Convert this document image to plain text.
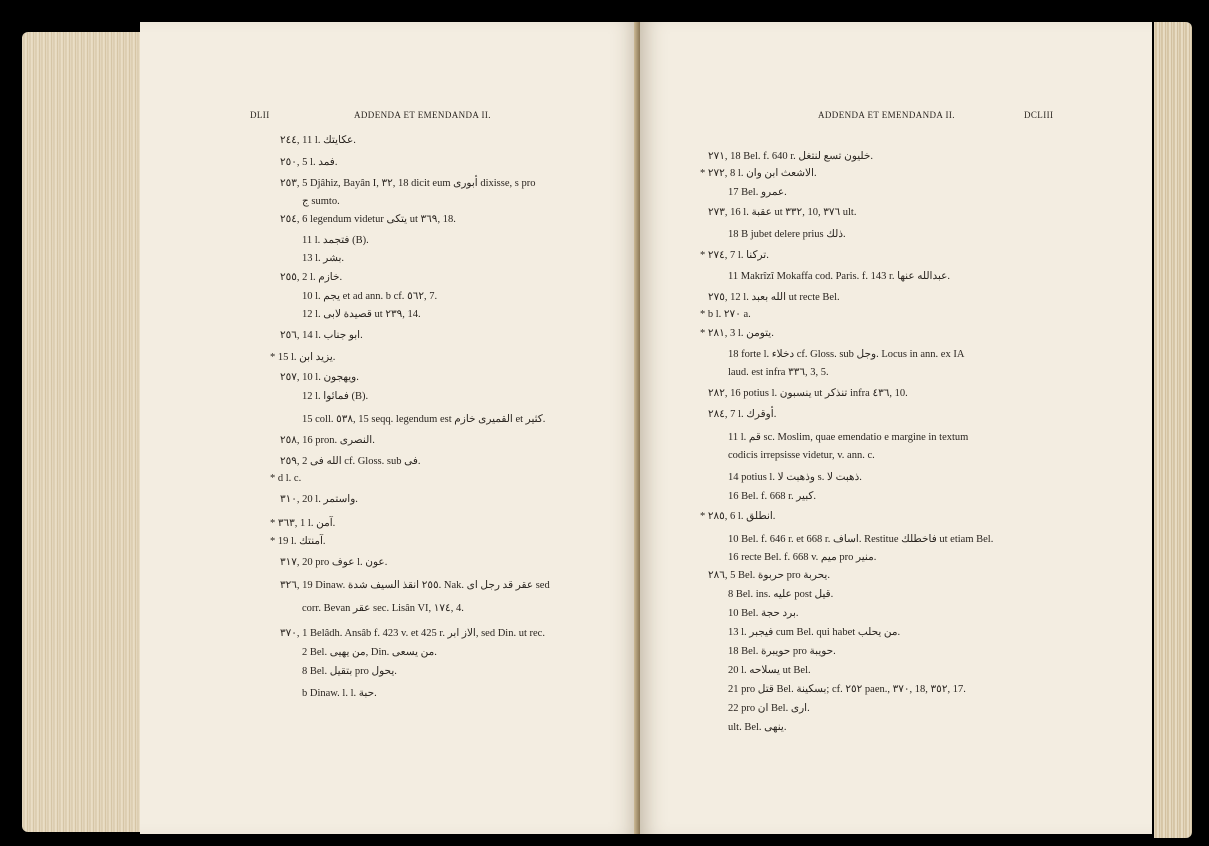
DLII	ADDENDA ET EMENDANDA II.
٢٤٤, 11 l. ﻋﻜﺎﻳﺘﻚ.
٢٥٠, 5 l. ﻓﻤﺪ.
٢٥٣, 5 Djâhiz, Bayân I, ٣٢, 18 dicit eum ﺃﺑﻮﺭﻯ dixisse, s pro
ﺝ sumto.
٢٥٤, 6 legendum videtur ﻳﺘﻜﻰ ut ٣٦٩, 18.
11 l. ﻓﺘﺠﻤﺪ (B).
13 l. ﺑﺸﺮ.
٢٥٥, 2 l. ﺧﺎﺯﻡ.
10 l. ﻳﺠﻢ et ad ann. b cf. ٥٦٢, 7.
12 l. ﻗﺼﻴﺪﺓ ﻻﺑﻰ ut ٢٣٩, 14.
٢٥٦, 14 l. ﺍﺑﻮ ﺟﻨﺎﺏ.
* 15 l. ﻳﺰﻳﺪ ﺍﺑﻦ.
٢٥٧, 10 l. ﻭﻳﻬﺠﻮﻥ.
12 l. ﻓﻤﺎﺋﻮﺍ (B).
15 coll. ٥٣٨, 15 seqq. legendum est ﺍﻟﻘﻤﻴﺮﻯ ﺧﺎﺯﻡ et ﻛﺜﻴﺮ.
٢٥٨, 16 pron. ﺍﻟﻨﺼﺮﻯ.
٢٥٩, 2 ﺍﻟﻠﻪ ﻓﻰ cf. Gloss. sub ﻓﻰ.
* d l. c.
٣١٠, 20 l. ﻭﺍﺳﺘﻤﺮ.
* ٣٦٣, 1 l. ﺁﻣﻦ.
* 19 l. ﺁﻣﻨﺘﻚ.
٣١٧, 20 pro ﻋﻮﻑ l. ﻋﻮﻥ.
٣٢٦, 19 Dinaw. ٢٥٥ ﺍﻧﻘﺬ ﺍﻟﺴﻴﻒ ﺷﺪﺓ. Nak. ﻋﻘﺮ ﻗﺪ ﺭﺟﻞ ﺍﻯ sed
corr. Bevan ﻋﻘﺮ sec. Lisân VI, ١٧٤, 4.
٣٧٠, 1 Belâdh. Ansâb f. 423 v. et 425 r. ﺍﻻﺯ ﺍﺑﺮ, sed Din. ut rec.
2 Bel. ﻣﻦ ﻳﻬﻴﻰ, Din. ﻣﻦ ﻳﺴﻌﻰ.
8 Bel. ﺑﺘﻘﻴﻞ pro ﻳﺤﻮﻝ.
b Dinaw. l. l. ﺣﺒﺔ.
ADDENDA ET EMENDANDA II.	DCLIII
٢٧١, 18 Bel. f. 640 r. ﺧﻠﻴﻮﻥ ﺗﺴﻊ ﻟﻨﺘﻐﻞ.
* ٢٧٢, 8 l. ﺍﻻﺷﻌﺚ ﺍﺑﻦ ﻭﺍﻥ.
17 Bel. ﻋﻤﺮﻭ.
٢٧٣, 16 l. ﻋﻘﺒﺔ ut ٣٣٢, 10, ٣٧٦ ult.
18 B jubet delere prius ﺫﻟﻚ.
* ٢٧٤, 7 l. ﺗﺮﻛﻨﺎ.
11 Makrîzî Mokaffa cod. Paris. f. 143 r. ﻋﺒﺪﺍﻟﻠﻪ ﻋﻨﻬﺎ.
٢٧٥, 12 l. ﺍﻟﻠﻪ ﺑﻌﺒﺪ ut recte Bel.
* b l. ٢٧٠ a.
* ٢٨١, 3 l. ﻳﺘﻮﻣﻦ.
18 forte l. ﺩﺧﻼﺀ cf. Gloss. sub ﻭﺟﻞ. Locus in ann. ex IA
laud. est infra ٣٣٦, 3, 5.
٢٨٢, 16 potius l. ﻳﻨﺴﺒﻮﻥ ut ﺗﻨﺬﻛﺮ infra ٤٣٦, 10.
٢٨٤, 7 l. ﺃﻭﻗﺮﻙ.
11 l. ﻗﻢ sc. Moslim, quae emendatio e margine in textum
codicis irrepsisse videtur, v. ann. c.
14 potius l. ﻭﺫﻫﺒﺖ ﻻ s. ﺫﻫﺒﺖ ﻻ.
16 Bel. f. 668 r. ﻛﺒﻴﺮ.
* ٢٨٥, 6 l. ﺍﻧﻄﻠﻖ.
10 Bel. f. 646 r. et 668 r. ﺍﺳﺎﻑ. Restitue ﻓﺎﺧﻄﻠﻚ ut etiam Bel.
16 recte Bel. f. 668 v. ﻣﻴﻢ pro ﻣﻨﻴﺮ.
٢٨٦, 5 Bel. ﺣﺮﺑﻮﺓ pro ﻳﺤﺮﺑﺔ.
8 Bel. ins. ﻋﻠﻴﻪ post ﻗﻴﻞ.
10 Bel. ﺑﺮﺩ ﺣﺠﺔ.
13 l. ﻓﻴﺠﺒﺮ cum Bel. qui habet ﻣﻦ ﻳﺤﻠﺐ.
18 Bel. ﺣﻮﻳﺒﺮﺓ pro ﺣﻮﻳﺒﺔ.
20 l. ﻳﺴﻼﺣﻪ ut Bel.
21 pro ﻗﺘﻞ Bel. ﺑﺴﻜﻴﻨﺔ; cf. ٢٥٢ paen., ٣٧٠, 18, ٣٥٢, 17.
22 pro ﺍﻥ Bel. ﺍﺭﻯ.
ult. Bel. ﻳﻨﻬﻰ.
